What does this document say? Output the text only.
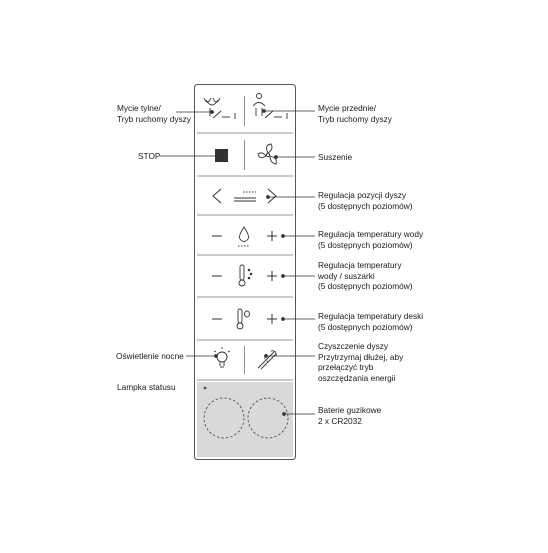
Mycie tylne/
Tryb ruchomy dyszy
STOP
Oświetlenie nocne
Lampka statusu
Mycie przednie/
Tryb ruchomy dyszy
Suszenie
Regulacja pozycji dyszy
(5 dostępnych poziomów)
Regulacja temperatury wody
(5 dostępnych poziomów)
Regulacja temperatury
wody / suszarki
(5 dostępnych poziomów)
Regulacja temperatury deski
(5 dostępnych poziomów)
Czyszczenie dyszy
Przytrzymaj dłużej, aby
przełączyć tryb
oszczędzania energii
Baterie guzikowe
2 x CR2032
